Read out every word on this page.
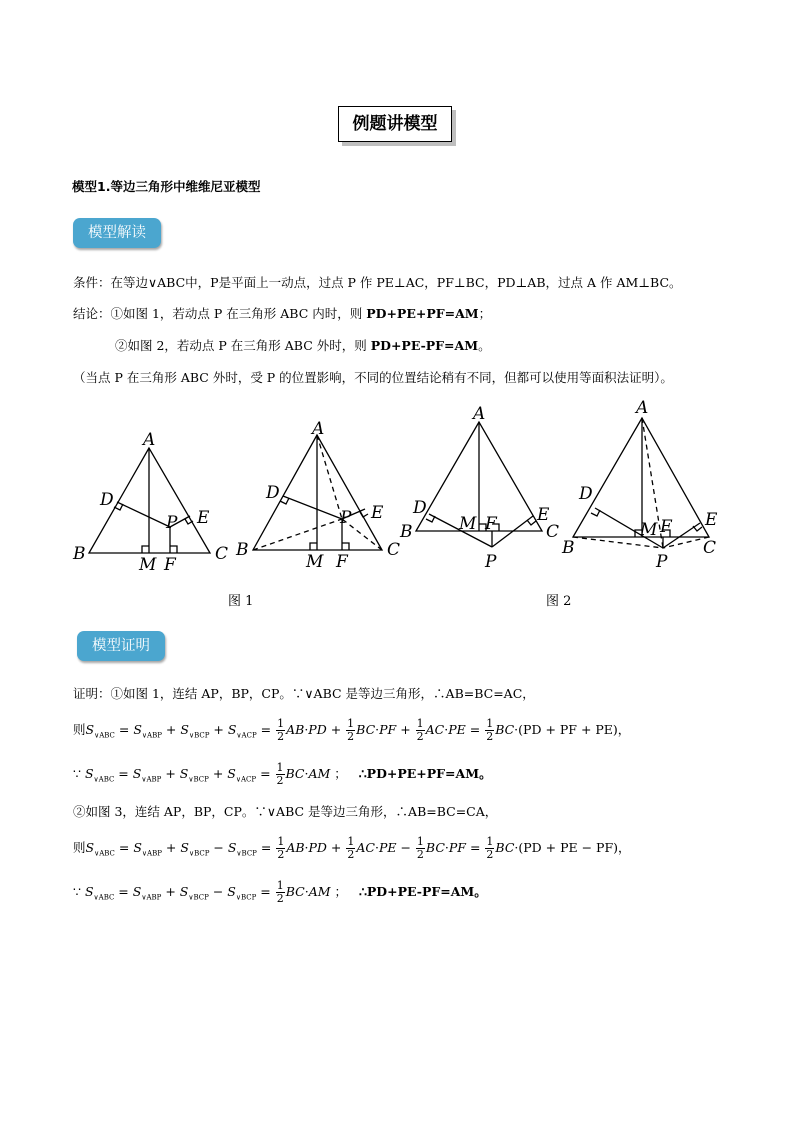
例题讲模型
模型1.等边三角形中维维尼亚模型
模型解读
条件：在等边∨ABC中，P是平面上一动点，过点 P 作 PE⊥AC，PF⊥BC，PD⊥AB，过点 A 作 AM⊥BC。
结论：①如图 1，若动点 P 在三角形 ABC 内时，则 PD+PE+PF=AM；
②如图 2，若动点 P 在三角形 ABC 外时，则 PD+PE-PF=AM。
（当点 P 在三角形 ABC 外时，受 P 的位置影响，不同的位置结论稍有不同，但都可以使用等面积法证明）。
A
B	C
D
E
P
M F
A
B	C
D
E
P
M F
A
B	C
D	E
M F
P
A
B	C
D
E
M F
P
图 1	图 2
模型证明
证明：①如图 1，连结 AP，BP，CP。∵∨ABC 是等边三角形，∴AB=BC=AC，
则$S_{\vee ABC} = S_{\vee ABP} + S_{\vee BCP} + S_{\vee ACP} = \frac{1}{2} AB\cdot PD + \frac{1}{2} BC\cdot PF + \frac{1}{2} AC\cdot PE = \frac{1}{2} BC\cdot(PD$ + PF + PE)，
∵ $S_{\vee ABC} = S_{\vee ABP} + S_{\vee BCP} + S_{\vee ACP} = \frac{1}{2} BC\cdot AM$ ；   ∴PD+PE+PF=AM。
②如图 3，连结 AP，BP，CP。∵∨ABC 是等边三角形，∴AB=BC=CA，
则$S_{\vee ABC} = S_{\vee ABP} + S_{\vee BCP} - S_{\vee BCP} = \frac{1}{2} AB\cdot PD + \frac{1}{2} AC\cdot PE - \frac{1}{2} BC\cdot PF = \frac{1}{2} BC\cdot(PD$ + PE − PF)，
∵ $S_{\vee ABC} = S_{\vee ABP} + S_{\vee BCP} - S_{\vee BCP} = \frac{1}{2} BC\cdot AM$ ；   ∴PD+PE-PF=AM。
